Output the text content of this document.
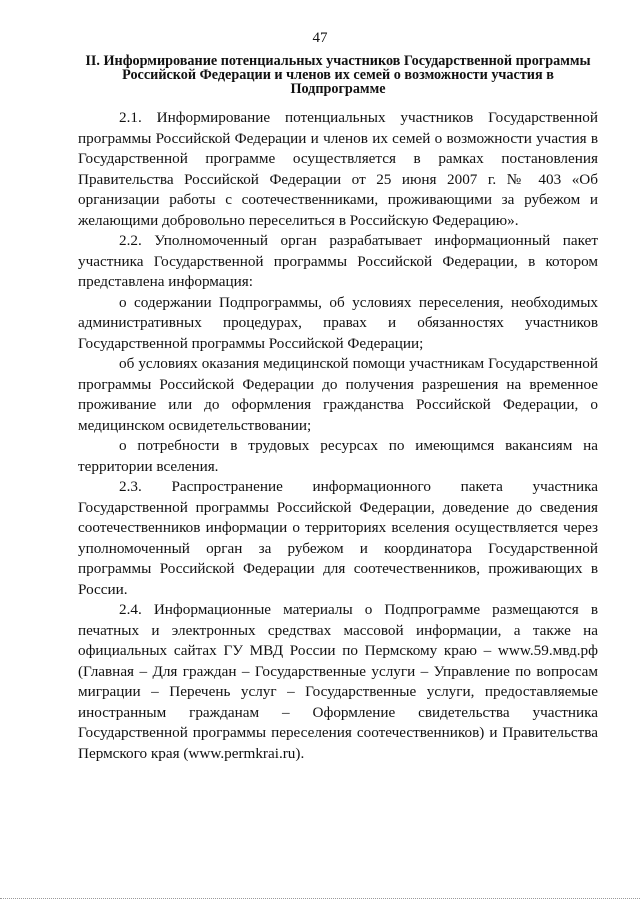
47
II. Информирование потенциальных участников Государственной программы Российской Федерации и членов их семей о возможности участия в Подпрограмме

2.1. Информирование потенциальных участников Государственной программы Российской Федерации и членов их семей о возможности участия в Государственной программе осуществляется в рамках постановления Правительства Российской Федерации от 25 июня 2007 г. № 403 «Об организации работы с соотечественниками, проживающими за рубежом и желающими добровольно переселиться в Российскую Федерацию».

2.2. Уполномоченный орган разрабатывает информационный пакет участника Государственной программы Российской Федерации, в котором представлена информация:

о содержании Подпрограммы, об условиях переселения, необходимых административных процедурах, правах и обязанностях участников Государственной программы Российской Федерации;

об условиях оказания медицинской помощи участникам Государственной программы Российской Федерации до получения разрешения на временное проживание или до оформления гражданства Российской Федерации, о медицинском освидетельствовании;

о потребности в трудовых ресурсах по имеющимся вакансиям на территории вселения.

2.3. Распространение информационного пакета участника Государственной программы Российской Федерации, доведение до сведения соотечественников информации о территориях вселения осуществляется через уполномоченный орган за рубежом и координатора Государственной программы Российской Федерации для соотечественников, проживающих в России.

2.4. Информационные материалы о Подпрограмме размещаются в печатных и электронных средствах массовой информации, а также на официальных сайтах ГУ МВД России по Пермскому краю – www.59.мвд.рф (Главная – Для граждан – Государственные услуги – Управление по вопросам миграции – Перечень услуг – Государственные услуги, предоставляемые иностранным гражданам – Оформление свидетельства участника Государственной программы переселения соотечественников) и Правительства Пермского края (www.permkrai.ru).
